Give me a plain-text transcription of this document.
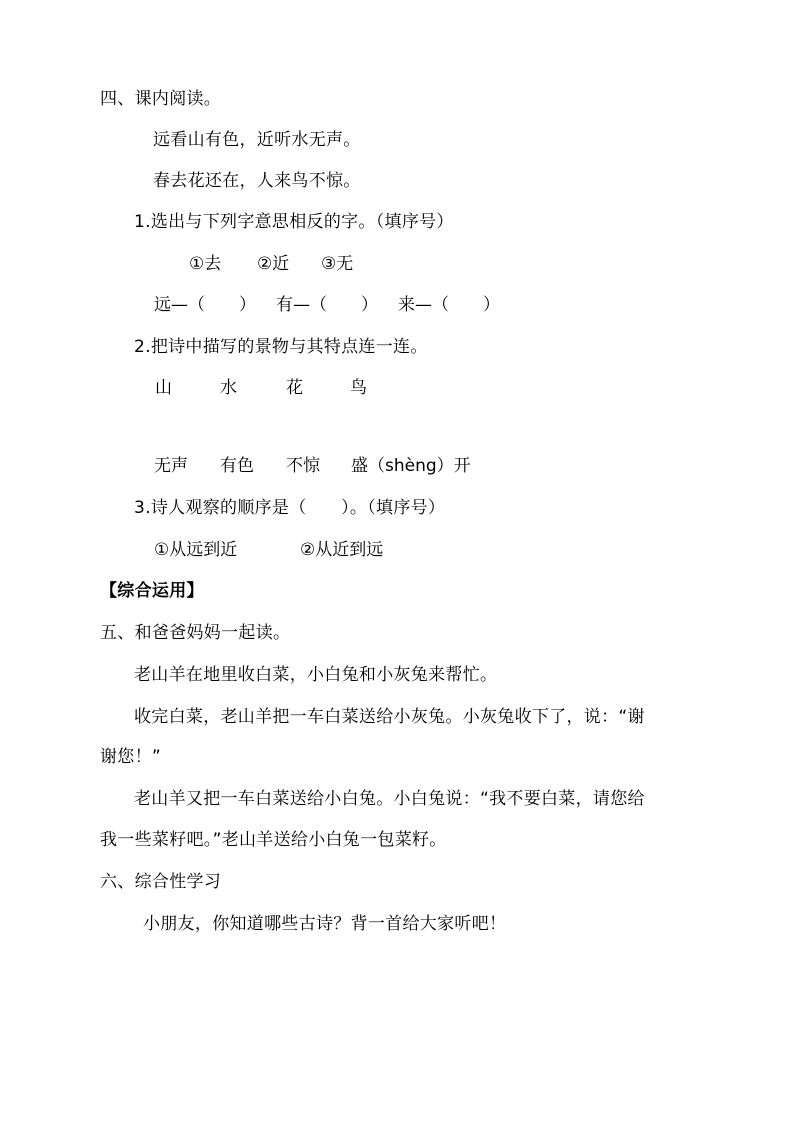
四、课内阅读。
远看山有色，近听水无声。
春去花还在，人来鸟不惊。
1.选出与下列字意思相反的字。（填序号）
①去 ②近 ③无
远—（　　） 有—（　　） 来—（　　）
2.把诗中描写的景物与其特点连一连。
山	水	花	鸟
无声 有色 不惊 盛（shèng）开
3.诗人观察的顺序是（　　）。（填序号）
①从远到近	②从近到远
【综合运用】
五、和爸爸妈妈一起读。
老山羊在地里收白菜，小白兔和小灰兔来帮忙。
收完白菜，老山羊把一车白菜送给小灰兔。小灰兔收下了，说：“谢
谢您！”
老山羊又把一车白菜送给小白兔。小白兔说：“我不要白菜，请您给
我一些菜籽吧。”老山羊送给小白兔一包菜籽。
六、综合性学习
小朋友，你知道哪些古诗？背一首给大家听吧！
